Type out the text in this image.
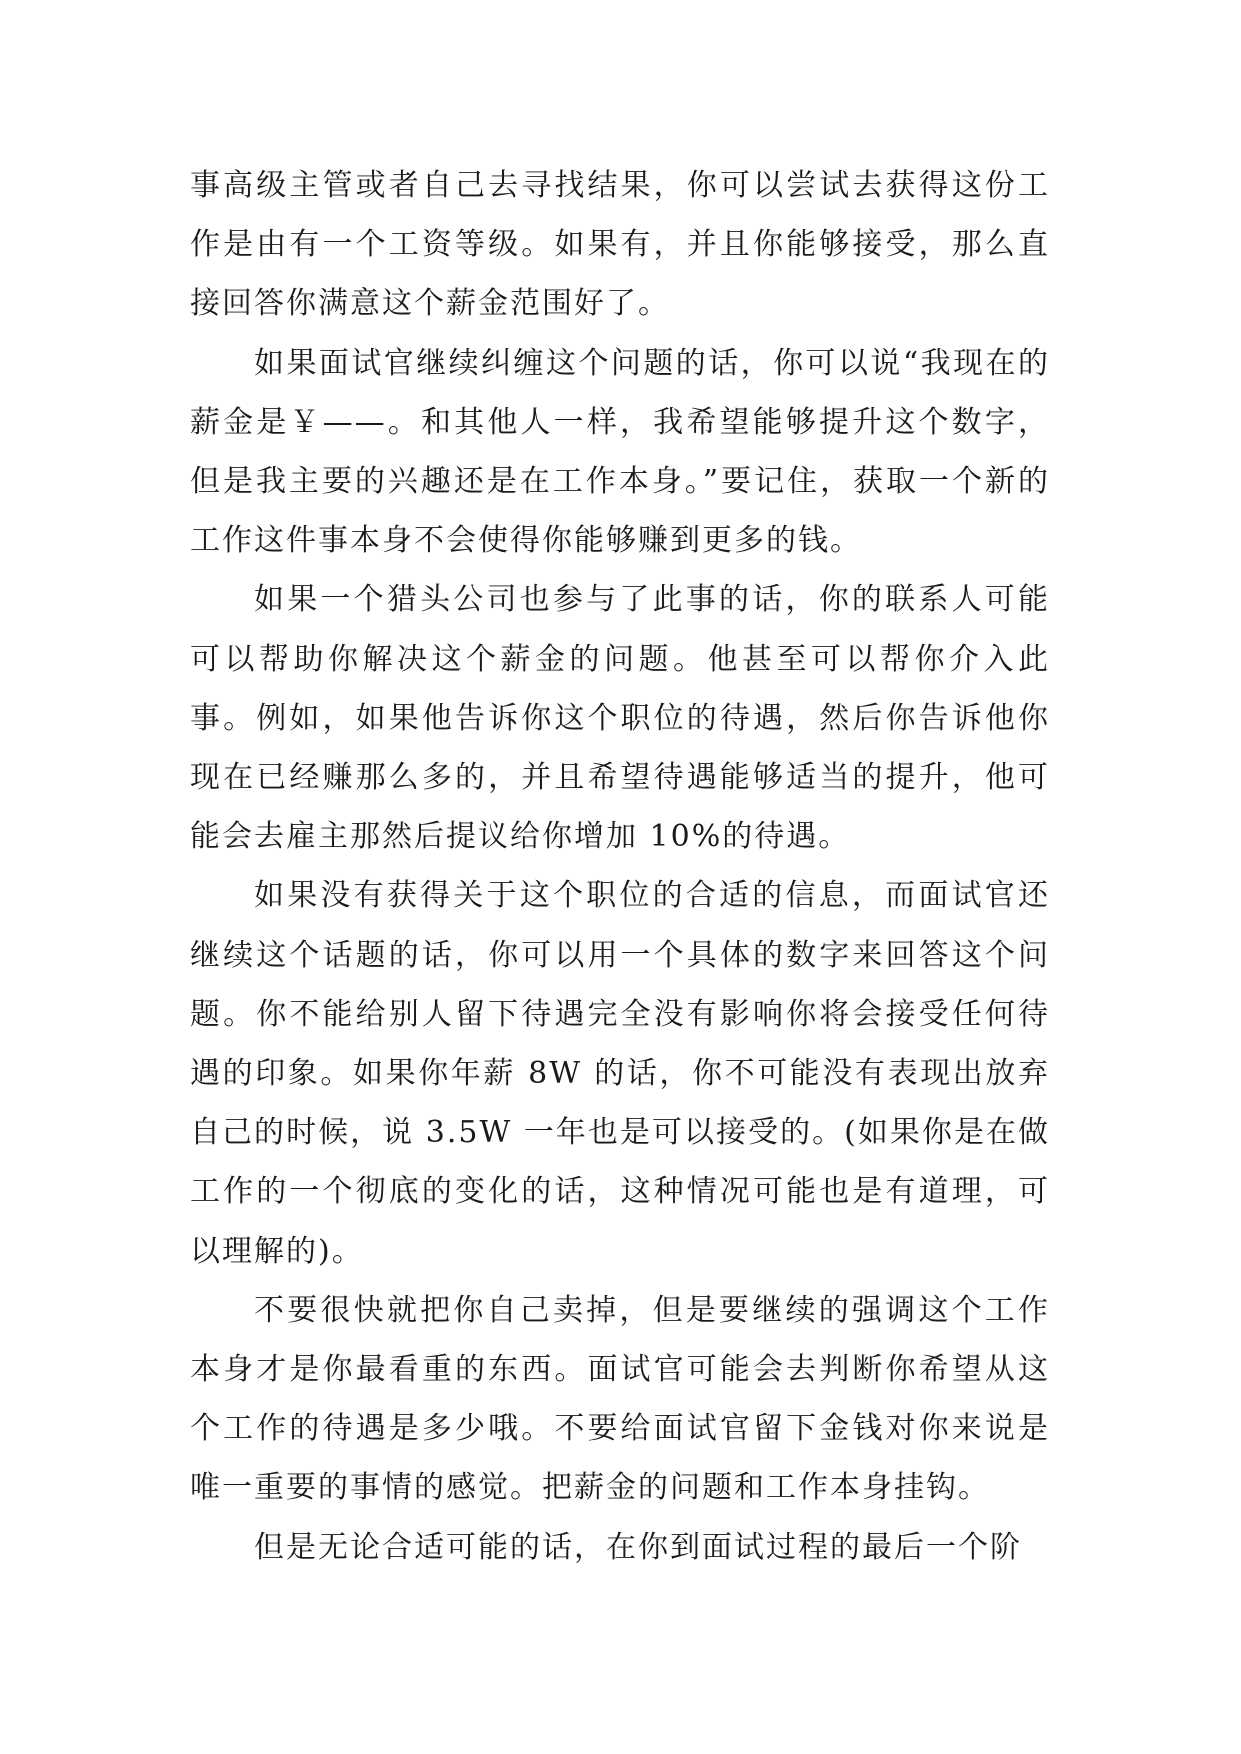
事高级主管或者自己去寻找结果，你可以尝试去获得这份工作是由有一个工资等级。如果有，并且你能够接受，那么直接回答你满意这个薪金范围好了。

如果面试官继续纠缠这个问题的话，你可以说“我现在的薪金是￥——。和其他人一样，我希望能够提升这个数字，但是我主要的兴趣还是在工作本身。”要记住，获取一个新的工作这件事本身不会使得你能够赚到更多的钱。

如果一个猎头公司也参与了此事的话，你的联系人可能可以帮助你解决这个薪金的问题。他甚至可以帮你介入此事。例如，如果他告诉你这个职位的待遇，然后你告诉他你现在已经赚那么多的，并且希望待遇能够适当的提升，他可能会去雇主那然后提议给你增加 10%的待遇。

如果没有获得关于这个职位的合适的信息，而面试官还继续这个话题的话，你可以用一个具体的数字来回答这个问题。你不能给别人留下待遇完全没有影响你将会接受任何待遇的印象。如果你年薪 8W 的话，你不可能没有表现出放弃自己的时候，说 3.5W 一年也是可以接受的。(如果你是在做工作的一个彻底的变化的话，这种情况可能也是有道理，可以理解的)。

不要很快就把你自己卖掉，但是要继续的强调这个工作本身才是你最看重的东西。面试官可能会去判断你希望从这个工作的待遇是多少哦。不要给面试官留下金钱对你来说是唯一重要的事情的感觉。把薪金的问题和工作本身挂钩。

但是无论合适可能的话，在你到面试过程的最后一个阶
